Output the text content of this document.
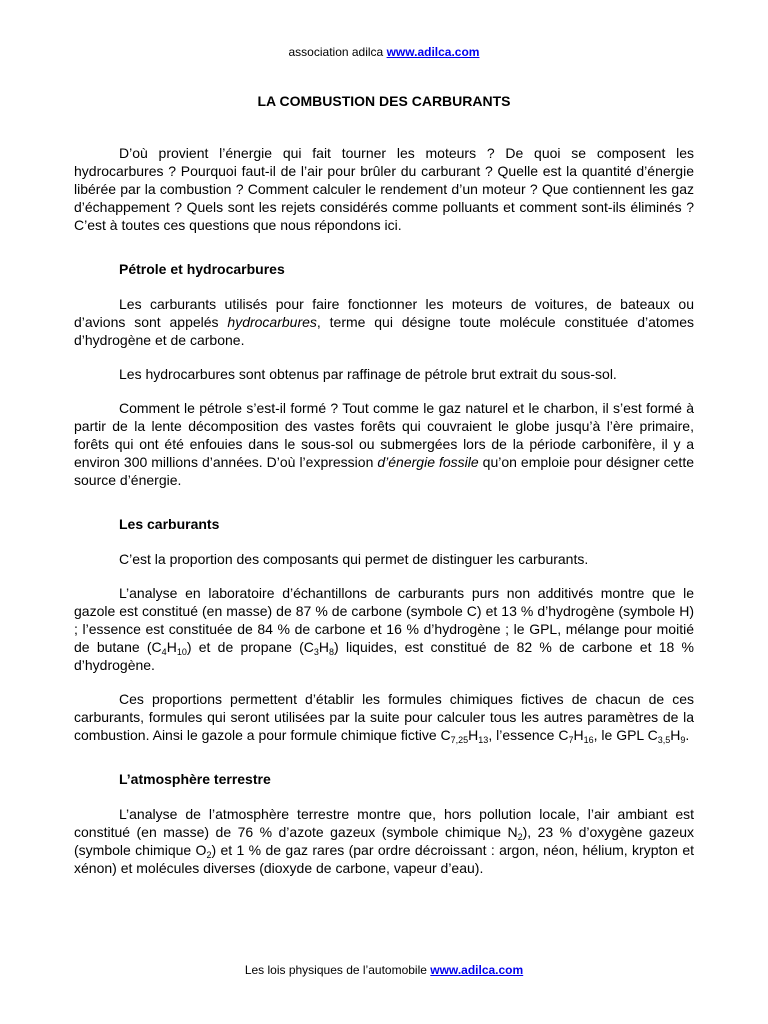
association adilca www.adilca.com
LA COMBUSTION DES CARBURANTS

D’où provient l’énergie qui fait tourner les moteurs ? De quoi se composent les hydrocarbures ? Pourquoi faut-il de l’air pour brûler du carburant ? Quelle est la quantité d’énergie libérée par la combustion ? Comment calculer le rendement d’un moteur ? Que contiennent les gaz d’échappement ? Quels sont les rejets considérés comme polluants et comment sont-ils éliminés ? C’est à toutes ces questions que nous répondons ici.

Pétrole et hydrocarbures

Les carburants utilisés pour faire fonctionner les moteurs de voitures, de bateaux ou d’avions sont appelés hydrocarbures, terme qui désigne toute molécule constituée d’atomes d’hydrogène et de carbone.

Les hydrocarbures sont obtenus par raffinage de pétrole brut extrait du sous-sol.

Comment le pétrole s’est-il formé ? Tout comme le gaz naturel et le charbon, il s’est formé à partir de la lente décomposition des vastes forêts qui couvraient le globe jusqu’à l’ère primaire, forêts qui ont été enfouies dans le sous-sol ou submergées lors de la période carbonifère, il y a environ 300 millions d’années. D’où l’expression d’énergie fossile qu’on emploie pour désigner cette source d’énergie.

Les carburants

C’est la proportion des composants qui permet de distinguer les carburants.

L’analyse en laboratoire d’échantillons de carburants purs non additivés montre que le gazole est constitué (en masse) de 87 % de carbone (symbole C) et 13 % d’hydrogène (symbole H) ; l’essence est constituée de 84 % de carbone et 16 % d’hydrogène ; le GPL, mélange pour moitié de butane $(C_4H_{10})$ et de propane $(C_3H_8)$ liquides, est constitué de 82 % de carbone et 18 % d’hydrogène.

Ces proportions permettent d’établir les formules chimiques fictives de chacun de ces carburants, formules qui seront utilisées par la suite pour calculer tous les autres paramètres de la combustion. Ainsi le gazole a pour formule chimique fictive $C_{7,25}H_{13}$, l’essence $C_7H_{16}$, le GPL $C_{3,5}H_9$.

L’atmosphère terrestre

L’analyse de l’atmosphère terrestre montre que, hors pollution locale, l’air ambiant est constitué (en masse) de 76 % d’azote gazeux (symbole chimique $N_2$), 23 % d’oxygène gazeux (symbole chimique $O_2$) et 1 % de gaz rares (par ordre décroissant : argon, néon, hélium, krypton et xénon) et molécules diverses (dioxyde de carbone, vapeur d’eau).

Les lois physiques de l’automobile www.adilca.com
